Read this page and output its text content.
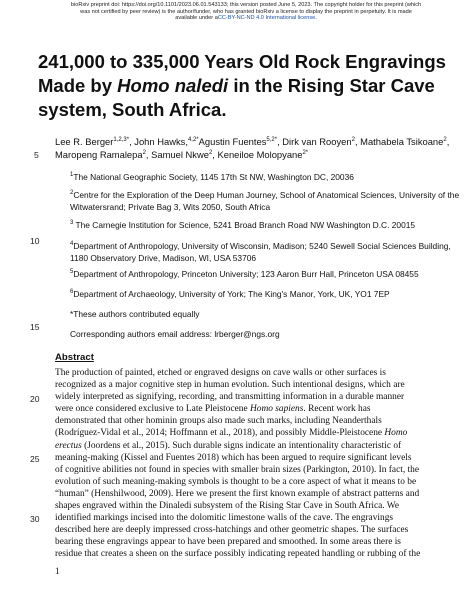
bioRxiv preprint doi: https://doi.org/10.1101/2023.06.01.543133; this version posted June 5, 2023. The copyright holder for this preprint (which
was not certified by peer review) is the author/funder, who has granted bioRxiv a license to display the preprint in perpetuity. It is made
available under aCC-BY-NC-ND 4.0 International license.
241,000 to 335,000 Years Old Rock Engravings
Made by Homo naledi in the Rising Star Cave
system, South Africa.
Lee R. Berger$^{1,2,3*}$, John Hawks,$^{4,2*}$Agustin Fuentes$^{5,2*}$, Dirk van Rooyen$^2$, Mathabela Tsikoane$^2$,
Maropeng Ramalepa$^2$, Samuel Nkwe$^2$, Keneiloe Molopyane$^{2*}$
$^1$The National Geographic Society, 1145 17th St NW, Washington DC, 20036
$^2$Centre for the Exploration of the Deep Human Journey, School of Anatomical Sciences, University of the Witwatersrand; Private Bag 3, Wits 2050, South Africa
$^3$ The Carnegie Institution for Science, 5241 Broad Branch Road NW Washington D.C. 20015
$^4$Department of Anthropology, University of Wisconsin, Madison; 5240 Sewell Social Sciences Building, 1180 Observatory Drive, Madison, WI, USA 53706
$^5$Department of Anthropology, Princeton University; 123 Aaron Burr Hall, Princeton USA 08455
$^6$Department of Archaeology, University of York; The King's Manor, York, UK, YO1 7EP
*These authors contributed equally
Corresponding authors email address: lrberger@ngs.org
5
10
15
20
25
30
Abstract
The production of painted, etched or engraved designs on cave walls or other surfaces is
recognized as a major cognitive step in human evolution. Such intentional designs, which are
widely interpreted as signifying, recording, and transmitting information in a durable manner
were once considered exclusive to Late Pleistocene Homo sapiens. Recent work has
demonstrated that other hominin groups also made such marks, including Neanderthals
(Rodríguez-Vidal et al., 2014; Hoffmann et al., 2018), and possibly Middle-Pleistocene Homo
erectus (Joordens et al., 2015). Such durable signs indicate an intentionality characteristic of
meaning-making (Kissel and Fuentes 2018) which has been argued to require significant levels
of cognitive abilities not found in species with smaller brain sizes (Parkington, 2010). In fact, the
evolution of such meaning-making symbols is thought to be a core aspect of what it means to be
“human” (Henshilwood, 2009). Here we present the first known example of abstract patterns and
shapes engraved within the Dinaledi subsystem of the Rising Star Cave in South Africa. We
identified markings incised into the dolomitic limestone walls of the cave. The engravings
described here are deeply impressed cross-hatchings and other geometric shapes. The surfaces
bearing these engravings appear to have been prepared and smoothed. In some areas there is
residue that creates a sheen on the surface possibly indicating repeated handling or rubbing of the
1
